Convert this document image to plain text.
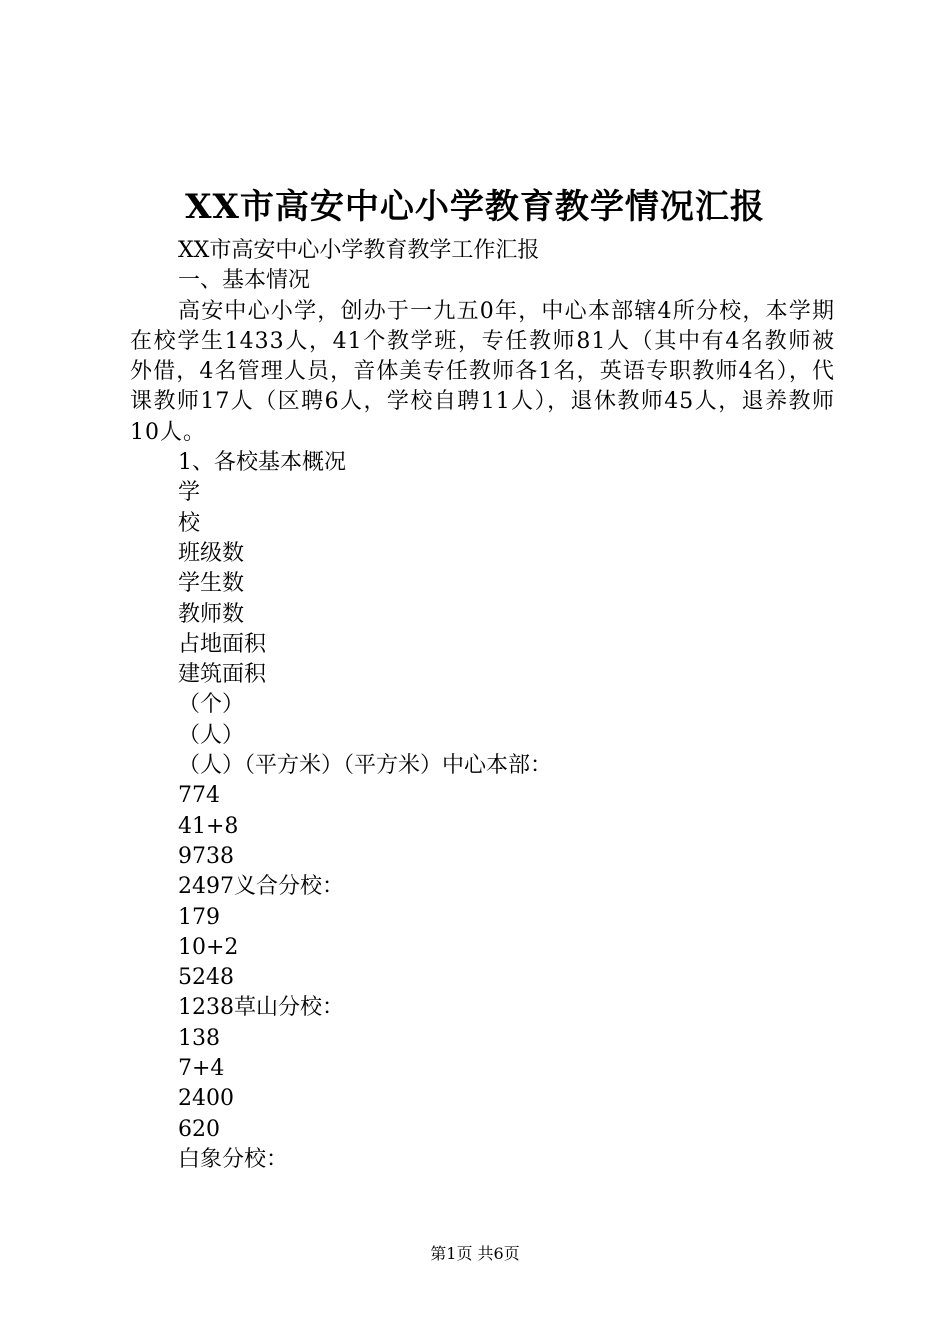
XX市高安中心小学教育教学情况汇报

XX市高安中心小学教育教学工作汇报

一、基本情况

高安中心小学，创办于一九五0年，中心本部辖4所分校，本学期在校学生1433人，41个教学班，专任教师81人（其中有4名教师被外借，4名管理人员，音体美专任教师各1名，英语专职教师4名），代课教师17人（区聘6人，学校自聘11人），退休教师45人，退养教师10人。

1、各校基本概况

学

校

班级数

学生数

教师数

占地面积

建筑面积

（个）

（人）

（人）（平方米）（平方米）中心本部：

774

41+8

9738

2497义合分校：

179

10+2

5248

1238草山分校：

138

7+4

2400

620

白象分校：

第1页 共6页
